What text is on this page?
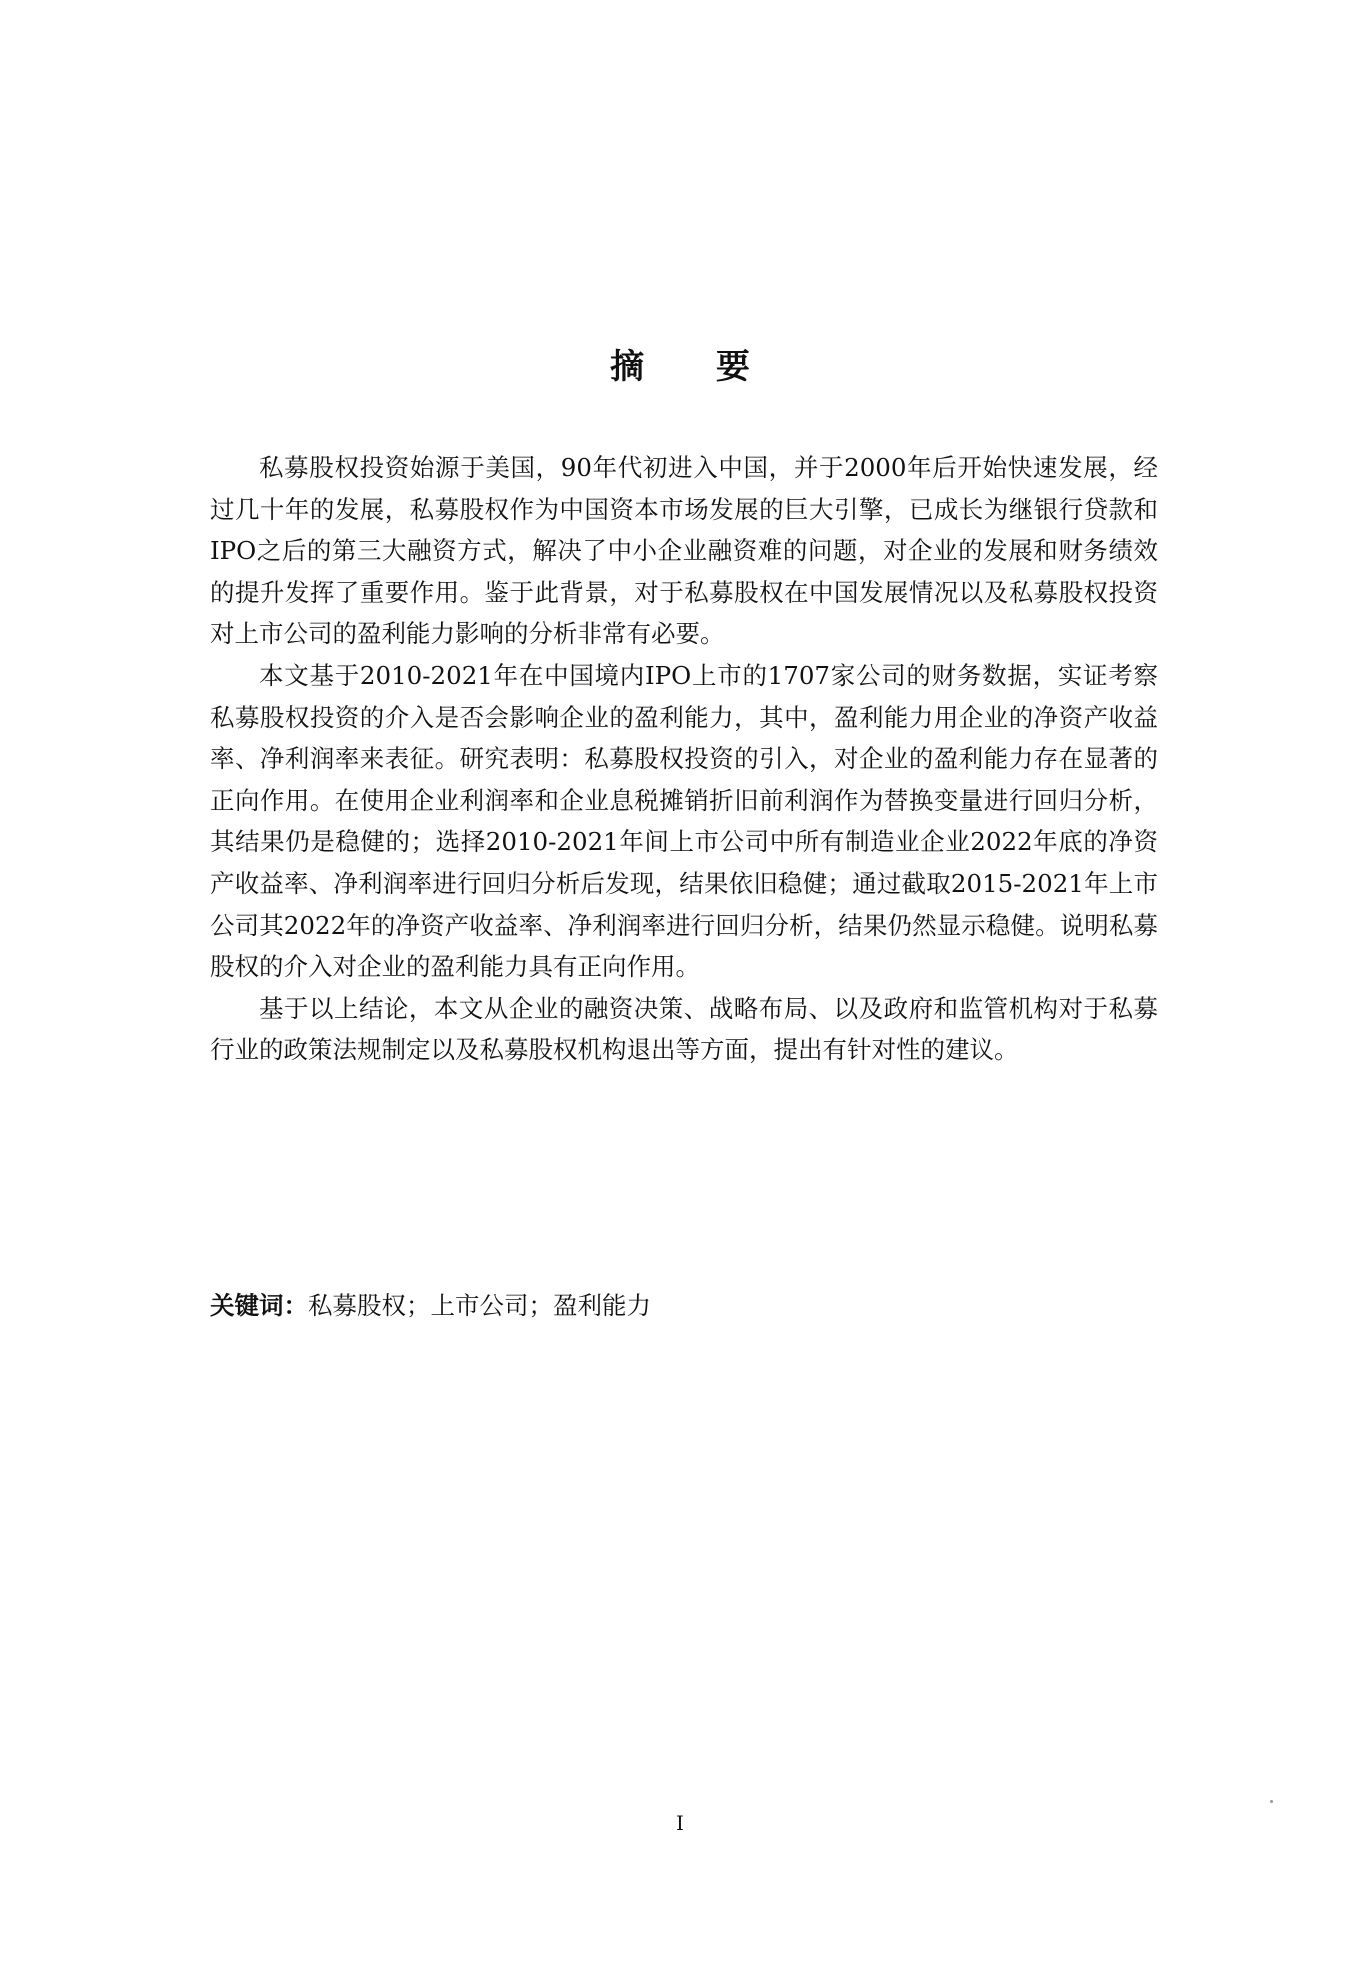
摘 要

私募股权投资始源于美国，90年代初进入中国，并于2000年后开始快速发展，经过几十年的发展，私募股权作为中国资本市场发展的巨大引擎，已成长为继银行贷款和IPO之后的第三大融资方式，解决了中小企业融资难的问题，对企业的发展和财务绩效的提升发挥了重要作用。鉴于此背景，对于私募股权在中国发展情况以及私募股权投资对上市公司的盈利能力影响的分析非常有必要。

本文基于2010-2021年在中国境内IPO上市的1707家公司的财务数据，实证考察私募股权投资的介入是否会影响企业的盈利能力，其中，盈利能力用企业的净资产收益率、净利润率来表征。研究表明：私募股权投资的引入，对企业的盈利能力存在显著的正向作用。在使用企业利润率和企业息税摊销折旧前利润作为替换变量进行回归分析，其结果仍是稳健的；选择2010-2021年间上市公司中所有制造业企业2022年底的净资产收益率、净利润率进行回归分析后发现，结果依旧稳健；通过截取2015-2021年上市公司其2022年的净资产收益率、净利润率进行回归分析，结果仍然显示稳健。说明私募股权的介入对企业的盈利能力具有正向作用。

基于以上结论，本文从企业的融资决策、战略布局、以及政府和监管机构对于私募行业的政策法规制定以及私募股权机构退出等方面，提出有针对性的建议。

关键词：私募股权；上市公司；盈利能力
I
